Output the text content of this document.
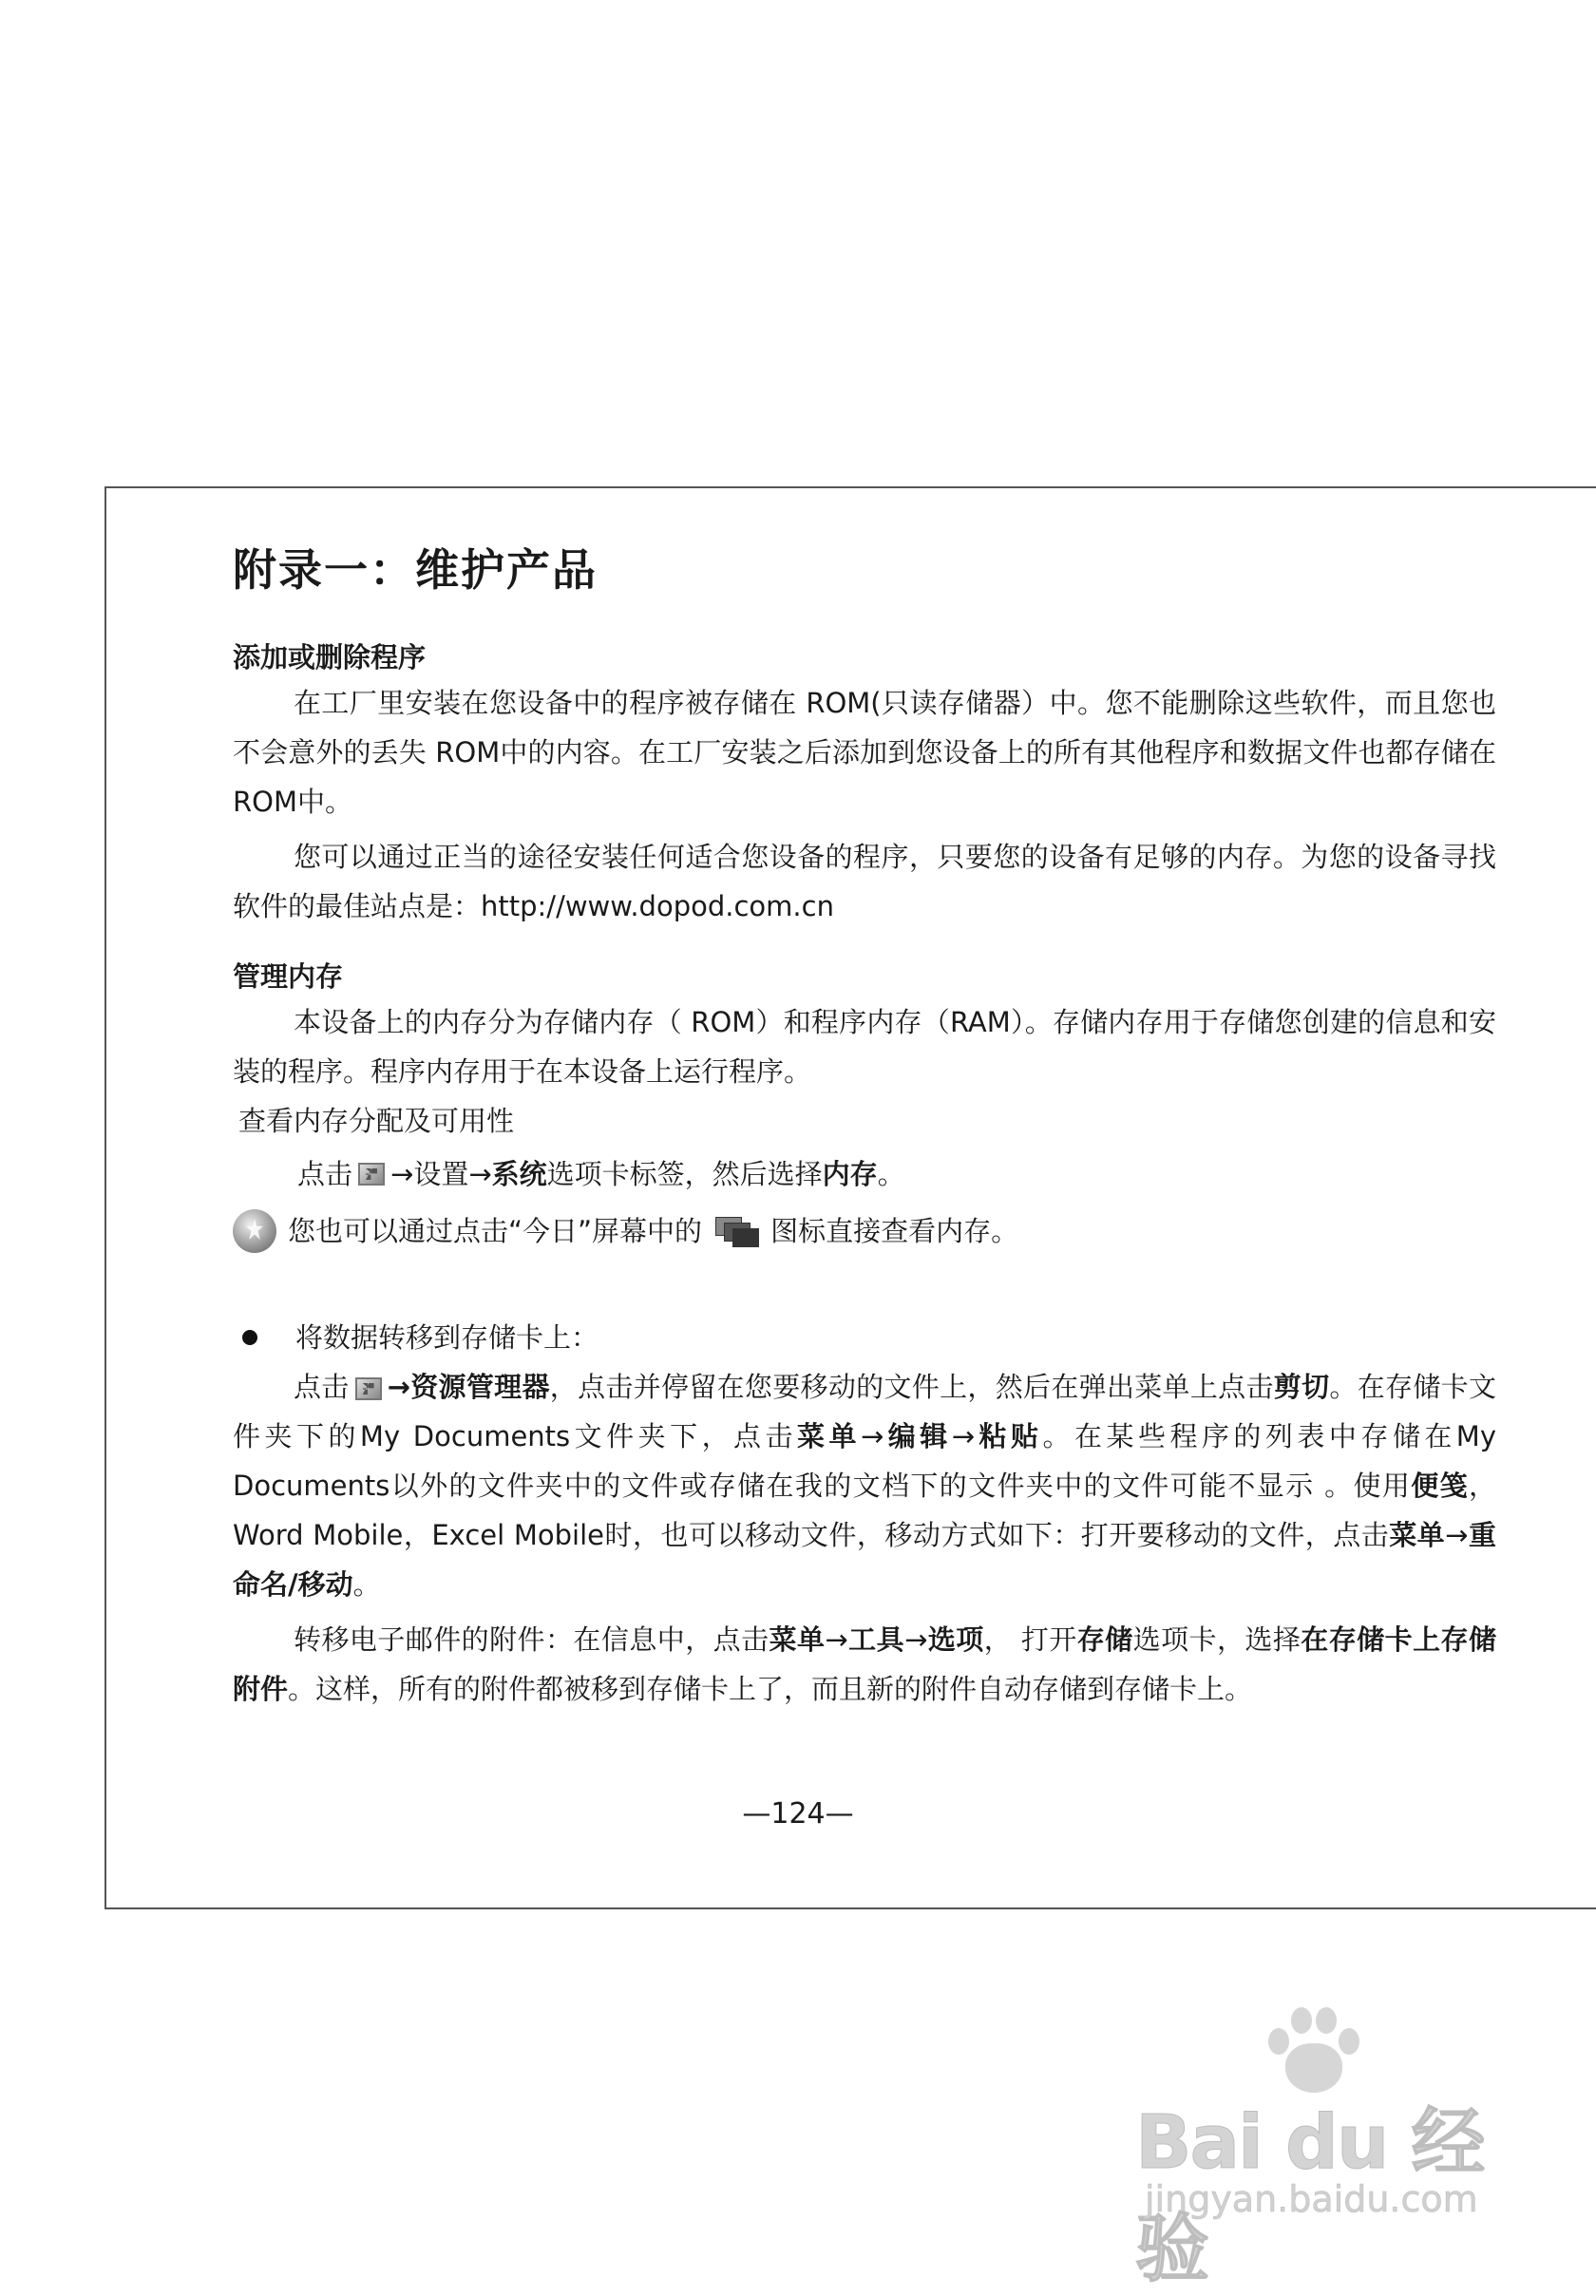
附录一：维护产品
添加或删除程序

在工厂里安装在您设备中的程序被存储在 ROM(只读存储器）中。您不能删除这些软件，而且您也不会意外的丢失 ROM中的内容。在工厂安装之后添加到您设备上的所有其他程序和数据文件也都存储在ROM中。

您可以通过正当的途径安装任何适合您设备的程序，只要您的设备有足够的内存。为您的设备寻找软件的最佳站点是：http://www.dopod.com.cn

管理内存

本设备上的内存分为存储内存（ ROM）和程序内存（RAM）。存储内存用于存储您创建的信息和安装的程序。程序内存用于在本设备上运行程序。

查看内存分配及可用性
点击 →设置→ 系统 选项卡标签，然后选择 内存 。
您也可以通过点击“今日”屏幕中的 图标直接查看内存。
将数据转移到存储卡上：

点击 →资源管理器，点击并停留在您要移动的文件上，然后在弹出菜单上点击剪切。在存储卡文件夹下的My Documents文件夹下，点击菜单→编辑→粘贴。在某些程序的列表中存储在My Documents以外的文件夹中的文件或存储在我的文档下的文件夹中的文件可能不显示 。使用便笺，Word Mobile，Excel Mobile时，也可以移动文件，移动方式如下：打开要移动的文件，点击菜单→重命名/移动。

转移电子邮件的附件：在信息中，点击菜单→工具→选项， 打开存储选项卡，选择在存储卡上存储附件。这样，所有的附件都被移到存储卡上了，而且新的附件自动存储到存储卡上。

—124—
Bai du 经验
jingyan.baidu.com
